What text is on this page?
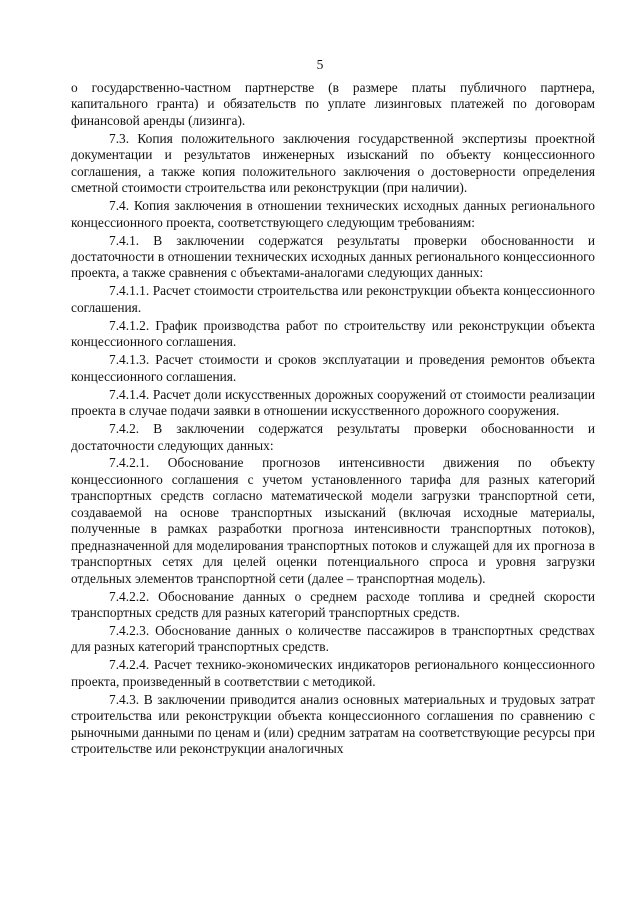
5

о государственно-частном партнерстве (в размере платы публичного партнера, капитального гранта) и обязательств по уплате лизинговых платежей по договорам финансовой аренды (лизинга).

7.3. Копия положительного заключения государственной экспертизы проектной документации и результатов инженерных изысканий по объекту концессионного соглашения, а также копия положительного заключения о достоверности определения сметной стоимости строительства или реконструкции (при наличии).

7.4. Копия заключения в отношении технических исходных данных регионального концессионного проекта, соответствующего следующим требованиям:

7.4.1. В заключении содержатся результаты проверки обоснованности и достаточности в отношении технических исходных данных регионального концессионного проекта, а также сравнения с объектами-аналогами следующих данных:

7.4.1.1. Расчет стоимости строительства или реконструкции объекта концессионного соглашения.

7.4.1.2. График производства работ по строительству или реконструкции объекта концессионного соглашения.

7.4.1.3. Расчет стоимости и сроков эксплуатации и проведения ремонтов объекта концессионного соглашения.

7.4.1.4. Расчет доли искусственных дорожных сооружений от стоимости реализации проекта в случае подачи заявки в отношении искусственного дорожного сооружения.

7.4.2. В заключении содержатся результаты проверки обоснованности и достаточности следующих данных:

7.4.2.1. Обоснование прогнозов интенсивности движения по объекту концессионного соглашения с учетом установленного тарифа для разных категорий транспортных средств согласно математической модели загрузки транспортной сети, создаваемой на основе транспортных изысканий (включая исходные материалы, полученные в рамках разработки прогноза интенсивности транспортных потоков), предназначенной для моделирования транспортных потоков и служащей для их прогноза в транспортных сетях для целей оценки потенциального спроса и уровня загрузки отдельных элементов транспортной сети (далее – транспортная модель).

7.4.2.2. Обоснование данных о среднем расходе топлива и средней скорости транспортных средств для разных категорий транспортных средств.

7.4.2.3. Обоснование данных о количестве пассажиров в транспортных средствах для разных категорий транспортных средств.

7.4.2.4. Расчет технико-экономических индикаторов регионального концессионного проекта, произведенный в соответствии с методикой.

7.4.3. В заключении приводится анализ основных материальных и трудовых затрат строительства или реконструкции объекта концессионного соглашения по сравнению с рыночными данными по ценам и (или) средним затратам на соответствующие ресурсы при строительстве или реконструкции аналогичных
